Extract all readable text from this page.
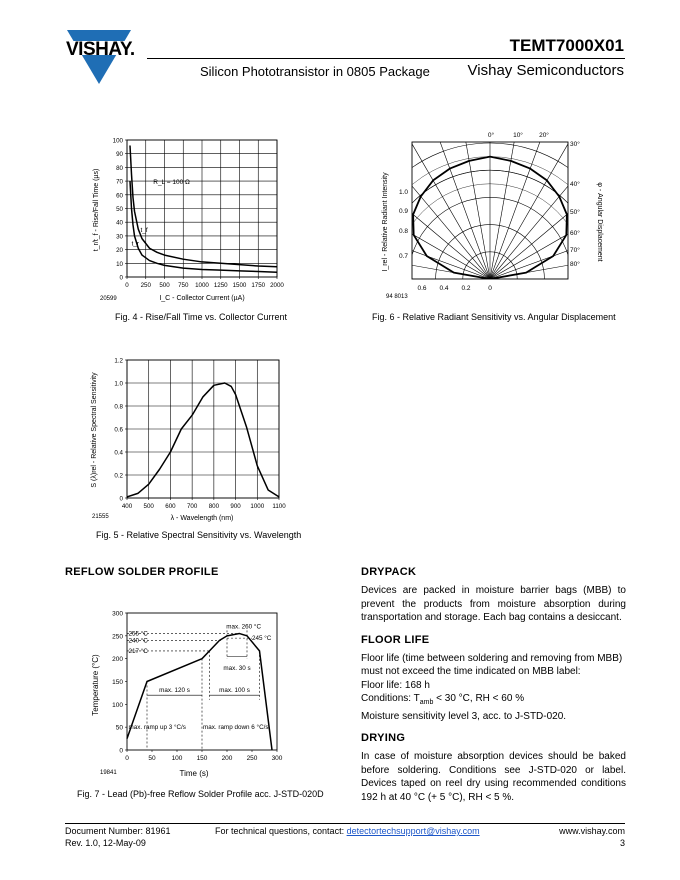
VISHAY.	TEMT7000X01
Silicon Phototransistor in 0805 Package	Vishay Semiconductors
0 250 500 750 1000 1250 1500 1750 2000
0
10
20
30
40
50
60
70
80
90
100
R_L = 100 Ω
t_f
t_r
t_r/t_f - Rise/Fall Time (µs)
I_C - Collector Current (µA)
20599
Fig. 4 - Rise/Fall Time vs. Collector Current
0°	10° 20°
30°
40°
50°
60°
70°
80°
1.0
0.9
0.8
0.7
0.6 0.4 0.2	0
I_rel - Relative Radiant Intensity	φ - Angular Displacement
94 8013
Fig. 6 - Relative Radiant Sensitivity vs. Angular Displacement
400 500 600 700 800 900 1000 1100
0
0.2
0.4
0.6
0.8
1.0
1.2
S (λ)rel - Relative Spectral Sensitivity
λ - Wavelength (nm)
21555
Fig. 5 - Relative Spectral Sensitivity vs. Wavelength
REFLOW SOLDER PROFILE
0	50 100 150 200 250 300
0
50
100
150
200
250
300
max. 260 °C
255 °C
240 °C
217 °C
245 °C
max. 30 s
max. 120 s	max. 100 s
max. ramp up 3 °C/s	max. ramp down 6 °C/s
Temperature (°C)
Time (s)
19841
Fig. 7 - Lead (Pb)-free Reflow Solder Profile acc. J-STD-020D
DRYPACK
Devices are packed in moisture barrier bags (MBB) to prevent the products from moisture absorption during transportation and storage. Each bag contains a desiccant.
FLOOR LIFE
Floor life (time between soldering and removing from MBB) must not exceed the time indicated on MBB label:
Floor life: 168 h
Conditions: $T_{amb} < 30$ °C, RH < 60 %
Moisture sensitivity level 3, acc. to J-STD-020.
DRYING
In case of moisture absorption devices should be baked before soldering. Conditions see J-STD-020 or label. Devices taped on reel dry using recommended conditions 192 h at 40 °C (+ 5 °C), RH < 5 %.
Document Number: 81961
Rev. 1.0, 12-May-09
For technical questions, contact: detectortechsupport@vishay.com	www.vishay.com
3
